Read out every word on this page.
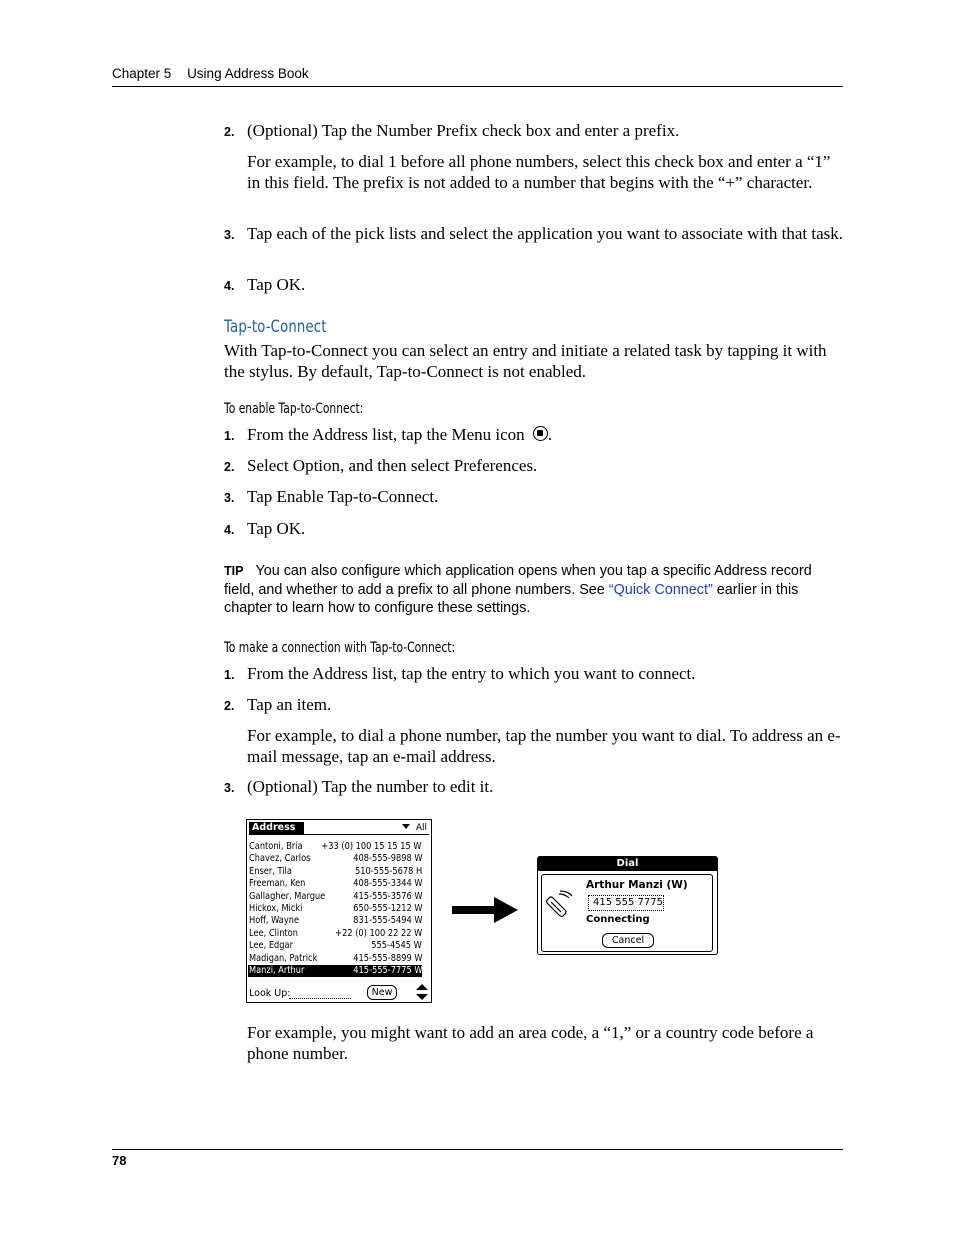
Chapter 5 Using Address Book
2. (Optional) Tap the Number Prefix check box and enter a prefix.
For example, to dial 1 before all phone numbers, select this check box and enter a “1” in this field. The prefix is not added to a number that begins with the “+” character.
3. Tap each of the pick lists and select the application you want to associate with that task.
4. Tap OK.
Tap-to-Connect
With Tap-to-Connect you can select an entry and initiate a related task by tapping it with the stylus. By default, Tap-to-Connect is not enabled.
To enable Tap-to-Connect:
1. From the Address list, tap the Menu icon .
2. Select Option, and then select Preferences.
3. Tap Enable Tap-to-Connect.
4. Tap OK.
TIP You can also configure which application opens when you tap a specific Address record field, and whether to add a prefix to all phone numbers. See “Quick Connect” earlier in this chapter to learn how to configure these settings.
To make a connection with Tap-to-Connect:
1. From the Address list, tap the entry to which you want to connect.
2. Tap an item.
For example, to dial a phone number, tap the number you want to dial. To address an e-mail message, tap an e-mail address.
3. (Optional) Tap the number to edit it.
Address	All
Cantoni, Bria +33 (0) 100 15 15 15 W
Chavez, Carlos	408-555-9898 W
Enser, Tila	510-555-5678 H
Freeman, Ken	408-555-3344 W
Gallagher, Margue	415-555-3576 W
Hickox, Micki	650-555-1212 W
Hoff, Wayne	831-555-5494 W
Lee, Clinton	+22 (0) 100 22 22 W
Lee, Edgar	555-4545 W
Madigan, Patrick	415-555-8899 W
Manzi, Arthur	415-555-7775 W
Look Up:	New
Dial
Arthur Manzi (W)
415 555 7775
Connecting
Cancel
For example, you might want to add an area code, a “1,” or a country code before a phone number.
78
